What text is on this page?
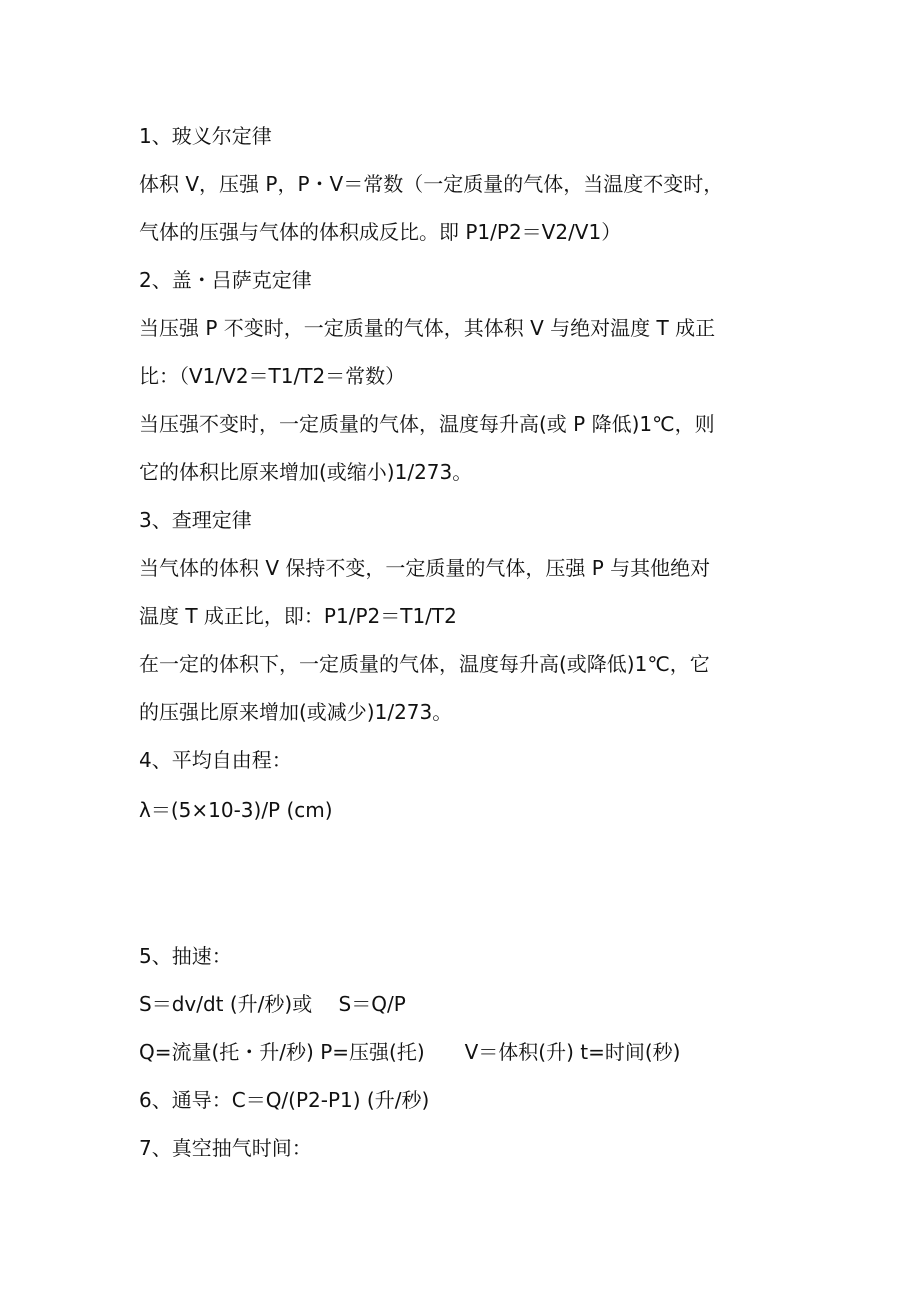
1、玻义尔定律
体积 V，压强 P，P・V＝常数（一定质量的气体，当温度不变时，
气体的压强与气体的体积成反比。即 P1/P2＝V2/V1）
2、盖・吕萨克定律
当压强 P 不变时，一定质量的气体，其体积 V 与绝对温度 T 成正
比：（V1/V2＝T1/T2＝常数）
当压强不变时，一定质量的气体，温度每升高(或 P 降低)1℃，则
它的体积比原来增加(或缩小)1/273。
3、查理定律
当气体的体积 V 保持不变，一定质量的气体，压强 P 与其他绝对
温度 T 成正比，即：P1/P2＝T1/T2
在一定的体积下，一定质量的气体，温度每升高(或降低)1℃，它
的压强比原来增加(或减少)1/273。
4、平均自由程：
λ＝(5×10-3)/P (cm)
5、抽速：
S＝dv/dt (升/秒)或　 S＝Q/P
Q=流量(托・升/秒) P=压强(托)　　V＝体积(升) t=时间(秒)
6、通导：C＝Q/(P2-P1) (升/秒)
7、真空抽气时间：
